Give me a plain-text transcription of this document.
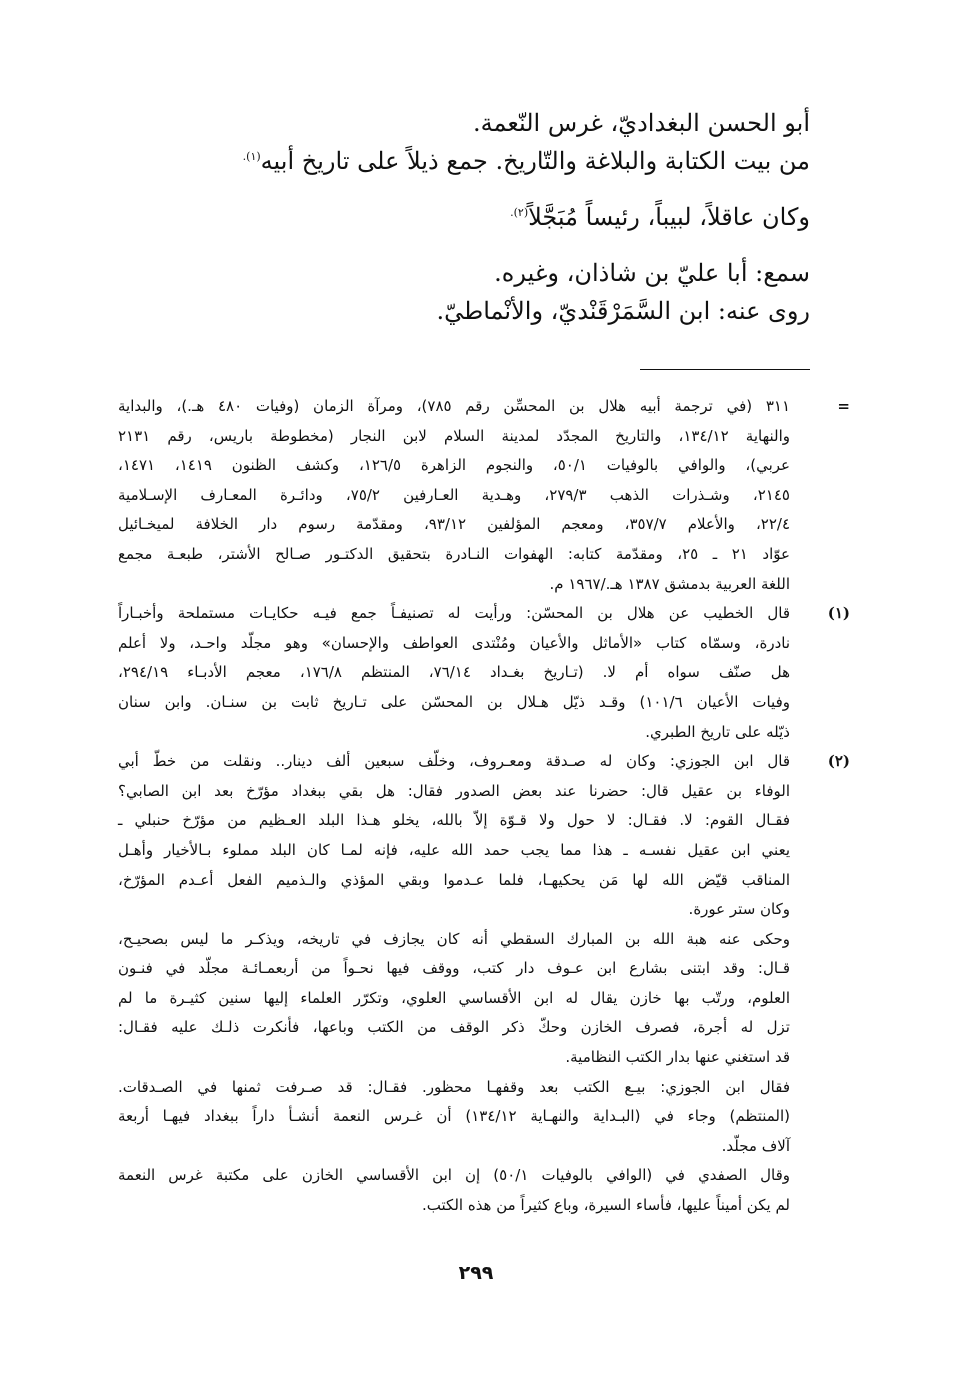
أبو الحسن البغداديّ، غرس النّعمة.

من بيت الكتابة والبلاغة والتّاريخ. جمع ذيلاً على تاريخ أبيه$^{(١).}$

وكان عاقلاً، لبيباً، رئيساً مُبَجَّلاً$^{(٢).}$

سمع: أبا عليّ بن شاذان، وغيره.

روى عنه: ابن السَّمَرْقَنْديّ، والأنْماطيّ.

=

٣١١ (في ترجمة أبيه هلال بن المحسِّن رقم ٧٨٥)، ومرآة الزمان (وفيات ٤٨٠ هـ.)، والبداية

والنهاية ١٣٤/١٢، والتاريخ المجدّد لمدينة السلام لابن النجار (مخطوطة باريس، رقم ٢١٣١

عربي)، والوافي بالوفيات ٥٠/١، والنجوم الزاهرة ١٢٦/٥، وكشف الظنون ١٤١٩، ١٤٧١،

٢١٤٥، وشـذرات الذهب ٢٧٩/٣، وهـدية العـارفين ٧٥/٢، ودائـرة المعـارف الإسـلامية

٢٢/٤، والأعلام ٣٥٧/٧، ومعجم المؤلفين ٩٣/١٢، ومقدّمة رسوم دار الخلافة لميخـائيل

عوّاد ٢١ ـ ٢٥، ومقدّمة كتابه: الهفوات النـادرة بتحقيق الدكتـور صـالح الأشتر، طبعـة مجمع

اللغة العربية بدمشق ١٣٨٧ هـ./١٩٦٧ م.

(١)

قال الخطيب عن هلال بن المحسّن: ورأيت له تصنيفـاً جمع فيـه حكايـات مستملحة وأخبـاراً

نادرة، وسمّاه كتاب «الأماثل والأعيان ومُنْتدى العواطف والإحسان» وهو مجلّد واحـد، ولا أعلم

هل صنّف سواه أم لا. (تـاريخ بغـداد ٧٦/١٤، المنتظم ١٧٦/٨، معجم الأدبـاء ٢٩٤/١٩،

وفيات الأعيان ١٠١/٦) وقـد ذيّل هـلال بن المحسّن على تـاريخ ثابت بن سنـان. وابن سنان

ذيّله على تاريخ الطبري.

(٢)

قال ابن الجوزي: وكان له صـدقة ومعـروف، وخلّف سبعين ألف دينار.. ونقلت من خطّ أبي

الوفاء بن عقيل قال: حضرنا عند بعض الصدور فقال: هل بقي ببغداد مؤرّخ بعد ابن الصابي؟

فقـال القوم: لا. فقـال: لا حول ولا قـوّة إلاّ بالله، يخلو هـذا البلد العـظيم من مؤرّخ حنبلي ـ

يعني ابن عقيل نفسـه ـ هذا مما يجب حمد الله عليه، فإنه لمـا كان البلد مملوء بـالأخيار وأهـل

المناقب قيّض الله لها مَن يحكيهـا، فلما عـدموا وبقي المؤذي والـذميم الفعل أعـدم المؤرّخ،

وكان ستر عورة.

وحكى عنه هبة الله بن المبارك السقطي أنه كان يجازف في تاريخه، ويذكـر ما ليس بصحيـح،

قـال: وقد ابتنى بشارع ابن عـوف دار كتب، ووقف فيها نحـواً من أربعمـائـة مجلّد في فنـون

العلوم، ورتّب بها خازن يقال له ابن الأقساسي العلوي، وتكرّر العلماء إليها سنين كثيـرة ما لم

تزل له أجرة، فصرف الخازن وحكّ ذكر الوقف من الكتب وباعها، فأنكرت ذلـك عليه فقـال:

قد استغني عنها بدار الكتب النظامية.

فقال ابن الجوزي: بيـع الكتب بعد وقفهـا محظور. فقـال: قد صـرفت ثمنها في الصـدقات.

(المنتظم) وجاء في (البـداية والنهـاية ١٣٤/١٢) أن غـرس النعمة أنشـأ داراً ببغداد فيهـا أربعة

آلاف مجلّد.

وقال الصفدي في (الوافي بالوفيات ٥٠/١) إن ابن الأقساسي الخازن على مكتبة غرس النعمة

لم يكن أميناً عليها، فأساء السيرة، وباع كثيراً من هذه الكتب.

٢٩٩
